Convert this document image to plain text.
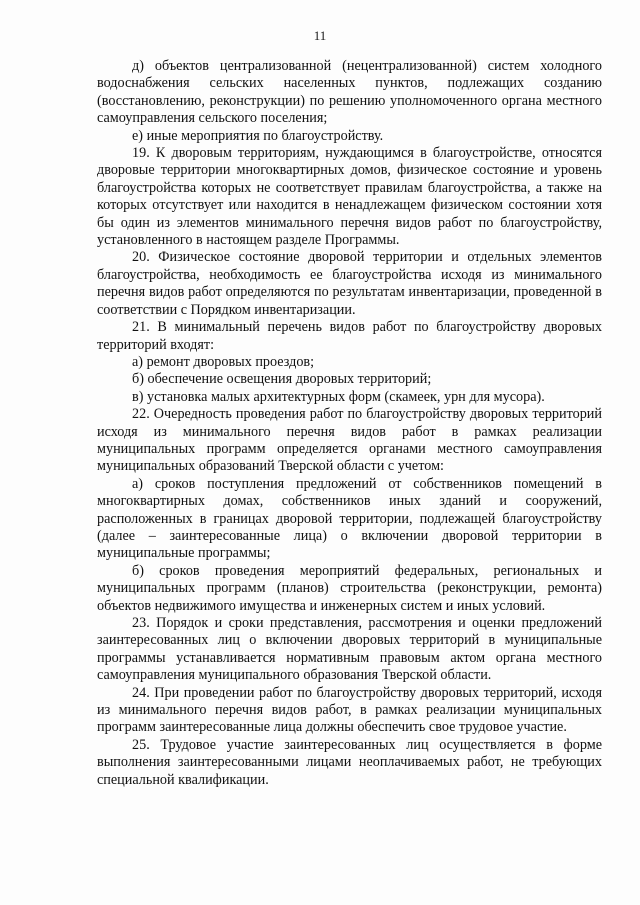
11

д) объектов централизованной (нецентрализованной) систем холодного водоснабжения сельских населенных пунктов, подлежащих созданию (восстановлению, реконструкции) по решению уполномоченного органа местного самоуправления сельского поселения;

е) иные мероприятия по благоустройству.

19. К дворовым территориям, нуждающимся в благоустройстве, относятся дворовые территории многоквартирных домов, физическое состояние и уровень благоустройства которых не соответствует правилам благоустройства, а также на которых отсутствует или находится в ненадлежащем физическом состоянии хотя бы один из элементов минимального перечня видов работ по благоустройству, установленного в настоящем разделе Программы.

20. Физическое состояние дворовой территории и отдельных элементов благоустройства, необходимость ее благоустройства исходя из минимального перечня видов работ определяются по результатам инвентаризации, проведенной в соответствии с Порядком инвентаризации.

21. В минимальный перечень видов работ по благоустройству дворовых территорий входят:

а) ремонт дворовых проездов;

б) обеспечение освещения дворовых территорий;

в) установка малых архитектурных форм (скамеек, урн для мусора).

22. Очередность проведения работ по благоустройству дворовых территорий исходя из минимального перечня видов работ в рамках реализации муниципальных программ определяется органами местного самоуправления муниципальных образований Тверской области с учетом:

а) сроков поступления предложений от собственников помещений в многоквартирных домах, собственников иных зданий и сооружений, расположенных в границах дворовой территории, подлежащей благоустройству (далее – заинтересованные лица) о включении дворовой территории в муниципальные программы;

б) сроков проведения мероприятий федеральных, региональных и муниципальных программ (планов) строительства (реконструкции, ремонта) объектов недвижимого имущества и инженерных систем и иных условий.

23. Порядок и сроки представления, рассмотрения и оценки предложений заинтересованных лиц о включении дворовых территорий в муниципальные программы устанавливается нормативным правовым актом органа местного самоуправления муниципального образования Тверской области.

24. При проведении работ по благоустройству дворовых территорий, исходя из минимального перечня видов работ, в рамках реализации муниципальных программ заинтересованные лица должны обеспечить свое трудовое участие.

25. Трудовое участие заинтересованных лиц осуществляется в форме выполнения заинтересованными лицами неоплачиваемых работ, не требующих специальной квалификации.
